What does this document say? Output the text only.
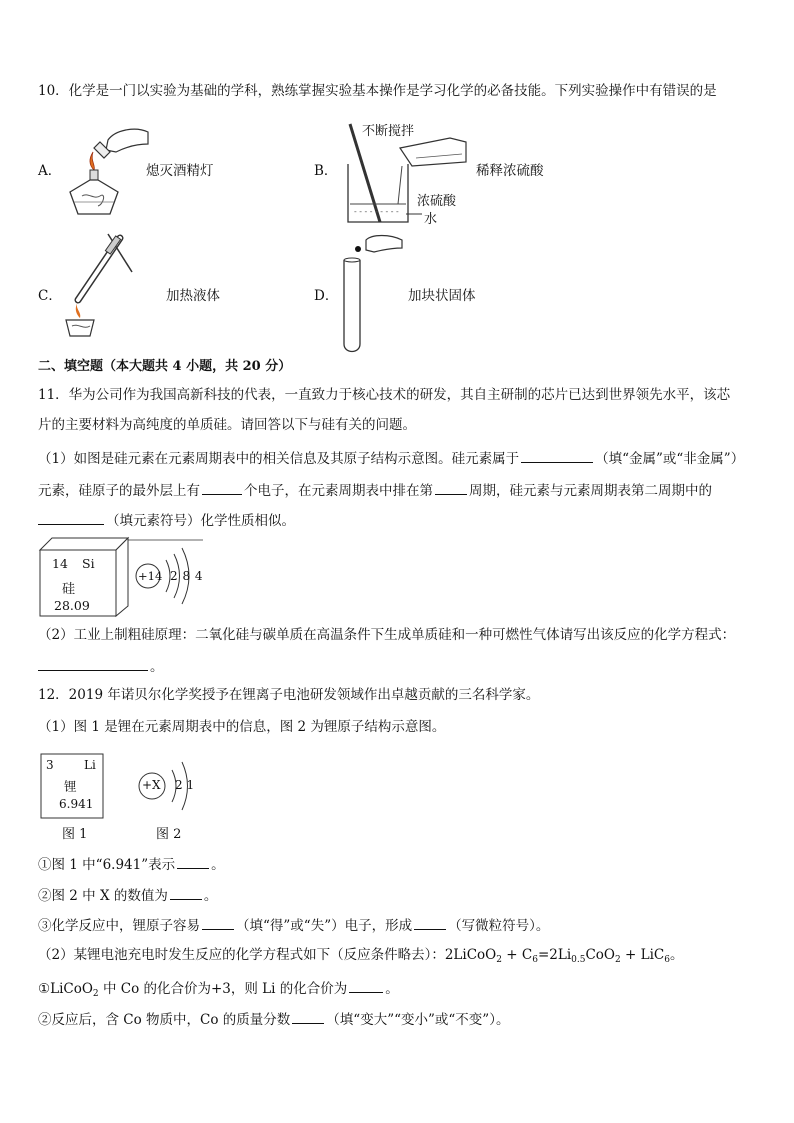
10．化学是一门以实验为基础的学科，熟练掌握实验基本操作是学习化学的必备技能。下列实验操作中有错误的是
A．	熄灭酒精灯	B．
- - - - - - - - -
不断搅拌
稀释浓硫酸
浓硫酸
水
C．	加热液体	D．	加块状固体
二、填空题（本大题共 4 小题，共 20 分）
11．华为公司作为我国高新科技的代表，一直致力于核心技术的研发，其自主研制的芯片已达到世界领先水平，该芯
片的主要材料为高纯度的单质硅。请回答以下与硅有关的问题。
（1）如图是硅元素在元素周期表中的相关信息及其原子结构示意图。硅元素属于	（填“金属”或“非金属”）
元素，硅原子的最外层上有	个电子，在元素周期表中排在第	周期，硅元素与元素周期表第二周期中的
（填元素符号）化学性质相似。
14 Si
硅
28.09
+14 2 8 4
（2）工业上制粗硅原理：二氧化硅与碳单质在高温条件下生成单质硅和一种可燃性气体请写出该反应的化学方程式：
。
12．2019 年诺贝尔化学奖授予在锂离子电池研发领域作出卓越贡献的三名科学家。
（1）图 1 是锂在元素周期表中的信息，图 2 为锂原子结构示意图。
3	Li
锂
6.941
图 1
+X 2 1
图 2
①图 1 中“6.941”表示	。
②图 2 中 X 的数值为	。
③化学反应中，锂原子容易	（填“得”或“失”）电子，形成	（写微粒符号）。
（2）某锂电池充电时发生反应的化学方程式如下（反应条件略去）：2LiCoO$_2$ + $C_6=2Li_{0.5}CoO_2 + LiC_6$。
①LiCoO$_2$ 中 Co 的化合价为+3，则 Li 的化合价为	。
②反应后，含 Co 物质中，Co 的质量分数	（填“变大”“变小”或“不变”）。
